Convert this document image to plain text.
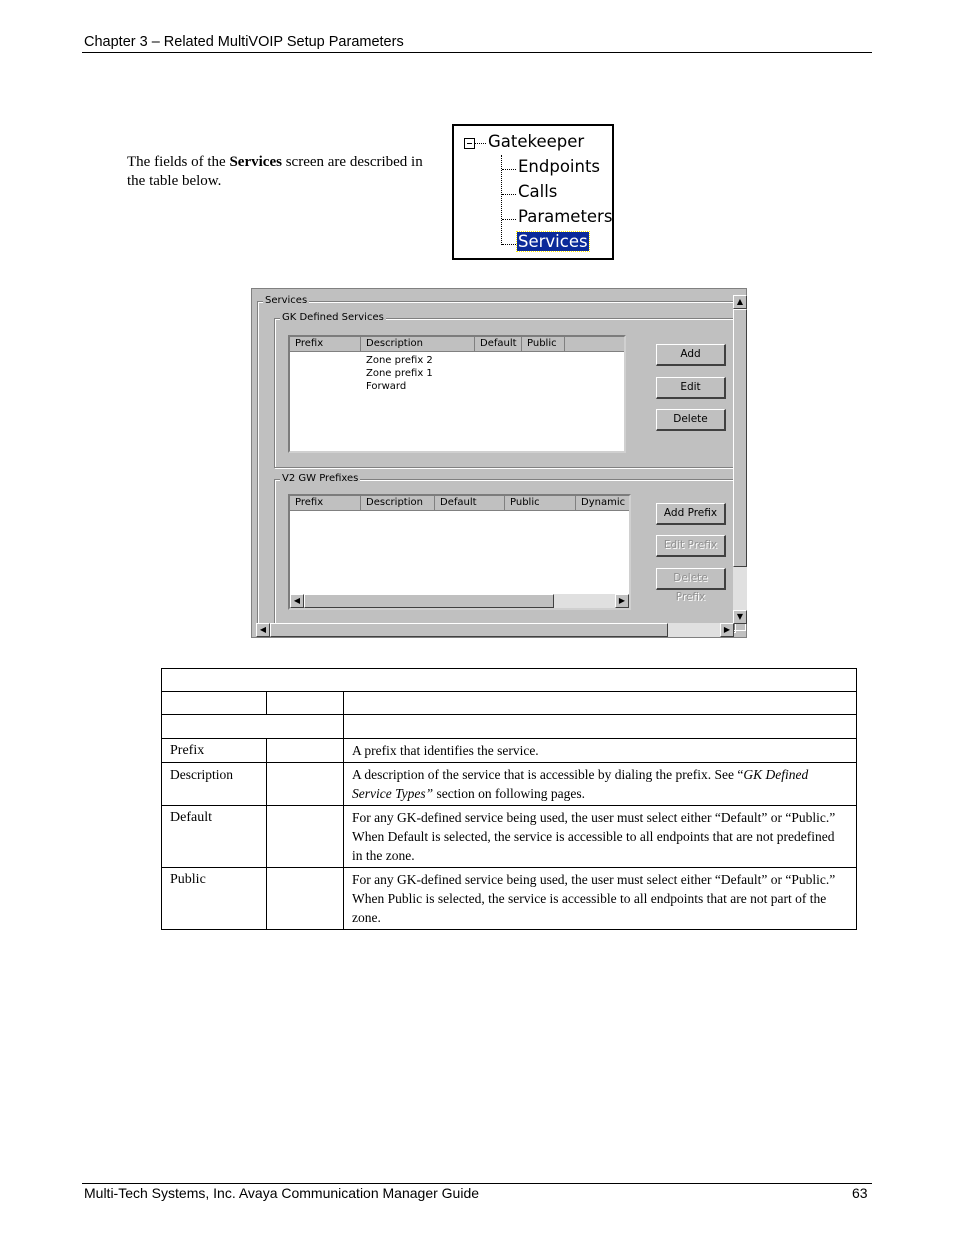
Chapter 3 – Related MultiVOIP Setup Parameters
The fields of the Services screen are described in the table below.
Gatekeeper
Endpoints
Calls
Parameters
Services
Services
GK Defined Services
Prefix	Description	Default	Public
Zone prefix 2
Zone prefix 1
Forward
Add
Edit
Delete
V2 GW Prefixes
Prefix	Description	Default	Public	Dynamic
◀	▶
Add Prefix
Edit Prefix
Delete Prefix
▲
▼
◀	▶

Prefix		A prefix that identifies the service.
Description		A description of the service that is accessible by dialing the prefix. See “GK Defined Service Types” section on following pages.
Default		For any GK-defined service being used, the user must select either “Default” or “Public.” When Default is selected, the service is accessible to all endpoints that are not predefined in the zone.
Public		For any GK-defined service being used, the user must select either “Default” or “Public.” When Public is selected, the service is accessible to all endpoints that are not part of the zone.
Multi-Tech Systems, Inc. Avaya Communication Manager Guide	63
